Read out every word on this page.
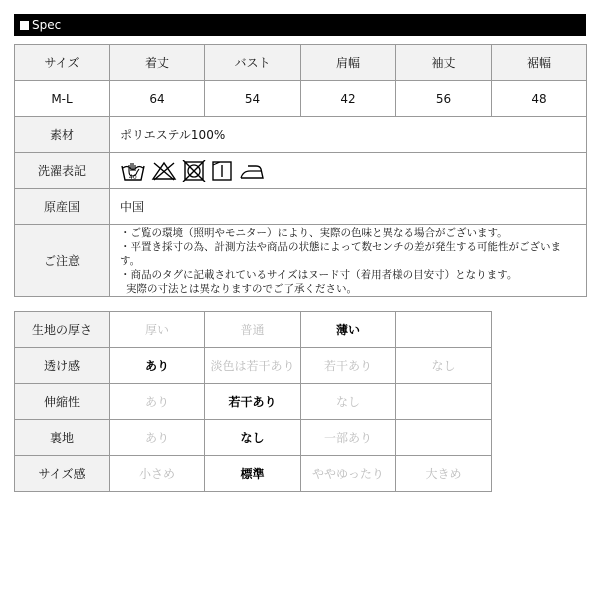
Spec
サイズ	着丈	バスト	肩幅	袖丈	裾幅
M-L	64	54	42	56	48
素材	ポリエステル100%				
洗濯表記	40				

原産国	中国				
ご注意	・ご覧の環境（照明やモニター）により、実際の色味と異なる場合がございます。
・平置き採寸の為、計測方法や商品の状態によって数センチの差が発生する可能性がございま
す。
・商品のタグに記載されているサイズはヌード寸（着用者様の目安寸）となります。
実際の寸法とは異なりますのでご了承ください。				
生地の厚さ	厚い	普通	薄い	
透け感	あり	淡色は若干あり	若干あり	なし
伸縮性	あり	若干あり	なし	
裏地	あり	なし	一部あり	
サイズ感	小さめ	標準	ややゆったり	大きめ
